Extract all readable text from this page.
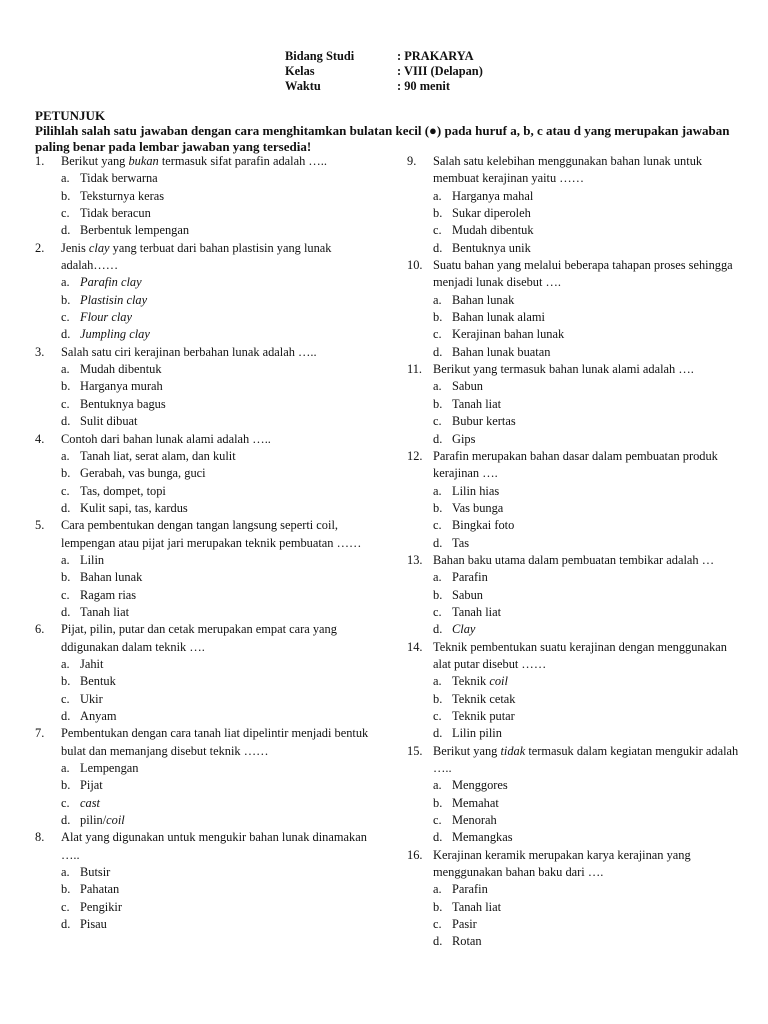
Bidang Studi	: PRAKARYA
Kelas	: VIII (Delapan)
Waktu	: 90 menit
PETUNJUK
Pilihlah salah satu jawaban dengan cara menghitamkan bulatan kecil (●) pada huruf a, b, c atau d yang merupakan jawaban paling benar pada lembar jawaban yang tersedia!
1.	Berikut yang bukan termasuk sifat parafin adalah …..
a. Tidak berwarna
b. Teksturnya keras
c. Tidak beracun
d. Berbentuk lempengan
2.	Jenis clay yang terbuat dari bahan plastisin yang lunak adalah……
a. Parafin clay
b. Plastisin clay
c. Flour clay
d. Jumpling clay
3.	Salah satu ciri kerajinan berbahan lunak adalah …..
a. Mudah dibentuk
b. Harganya murah
c. Bentuknya bagus
d. Sulit dibuat
4.	Contoh dari bahan lunak alami adalah …..
a. Tanah liat, serat alam, dan kulit
b. Gerabah, vas bunga, guci
c. Tas, dompet, topi
d. Kulit sapi, tas, kardus
5.	Cara pembentukan dengan tangan langsung seperti coil, lempengan atau pijat jari merupakan teknik pembuatan ……
a. Lilin
b. Bahan lunak
c. Ragam rias
d. Tanah liat
6.	Pijat, pilin, putar dan cetak merupakan empat cara yang ddigunakan dalam teknik ….
a. Jahit
b. Bentuk
c. Ukir
d. Anyam
7.	Pembentukan dengan cara tanah liat dipelintir menjadi bentuk bulat dan memanjang disebut teknik ……
a. Lempengan
b. Pijat
c. cast
d. pilin/coil
8.	Alat yang digunakan untuk mengukir bahan lunak dinamakan …..
a. Butsir
b. Pahatan
c. Pengikir
d. Pisau
9.	Salah satu kelebihan menggunakan bahan lunak untuk membuat kerajinan yaitu ……
a. Harganya mahal
b. Sukar diperoleh
c. Mudah dibentuk
d. Bentuknya unik
10. Suatu bahan yang melalui beberapa tahapan proses sehingga menjadi lunak disebut ….
a. Bahan lunak
b. Bahan lunak alami
c. Kerajinan bahan lunak
d. Bahan lunak buatan
11. Berikut yang termasuk bahan lunak alami adalah ….
a. Sabun
b. Tanah liat
c. Bubur kertas
d. Gips
12. Parafin merupakan bahan dasar dalam pembuatan produk kerajinan ….
a. Lilin hias
b. Vas bunga
c. Bingkai foto
d. Tas
13. Bahan baku utama dalam pembuatan tembikar adalah …
a. Parafin
b. Sabun
c. Tanah liat
d. Clay
14. Teknik pembentukan suatu kerajinan dengan menggunakan alat putar disebut ……
a. Teknik coil
b. Teknik cetak
c. Teknik putar
d. Lilin pilin
15. Berikut yang tidak termasuk dalam kegiatan mengukir adalah …..
a. Menggores
b. Memahat
c. Menorah
d. Memangkas
16. Kerajinan keramik merupakan karya kerajinan yang menggunakan bahan baku dari ….
a. Parafin
b. Tanah liat
c. Pasir
d. Rotan
